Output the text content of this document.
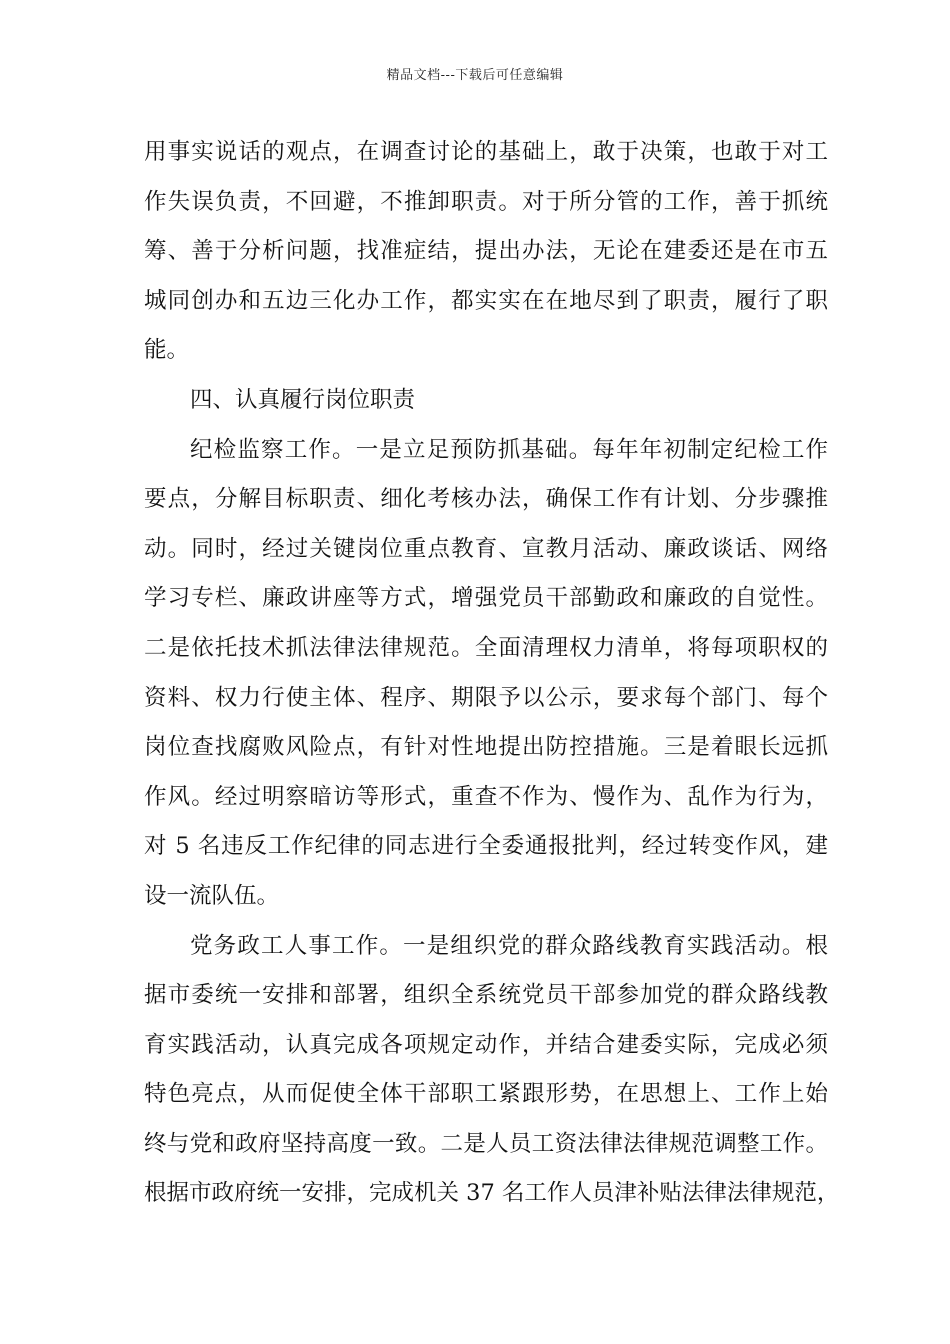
精品文档---下载后可任意编辑
用事实说话的观点，在调查讨论的基础上，敢于决策，也敢于对工
作失误负责，不回避，不推卸职责。对于所分管的工作，善于抓统
筹、善于分析问题，找准症结，提出办法，无论在建委还是在市五
城同创办和五边三化办工作，都实实在在地尽到了职责，履行了职
能。
四、认真履行岗位职责
纪检监察工作。一是立足预防抓基础。每年年初制定纪检工作
要点，分解目标职责、细化考核办法，确保工作有计划、分步骤推
动。同时，经过关键岗位重点教育、宣教月活动、廉政谈话、网络
学习专栏、廉政讲座等方式，增强党员干部勤政和廉政的自觉性。
二是依托技术抓法律法律规范。全面清理权力清单，将每项职权的
资料、权力行使主体、程序、期限予以公示，要求每个部门、每个
岗位查找腐败风险点，有针对性地提出防控措施。三是着眼长远抓
作风。经过明察暗访等形式，重查不作为、慢作为、乱作为行为，
对 5 名违反工作纪律的同志进行全委通报批判，经过转变作风，建
设一流队伍。
党务政工人事工作。一是组织党的群众路线教育实践活动。根
据市委统一安排和部署，组织全系统党员干部参加党的群众路线教
育实践活动，认真完成各项规定动作，并结合建委实际，完成必须
特色亮点，从而促使全体干部职工紧跟形势，在思想上、工作上始
终与党和政府坚持高度一致。二是人员工资法律法律规范调整工作。
根据市政府统一安排，完成机关 37 名工作人员津补贴法律法律规范，
